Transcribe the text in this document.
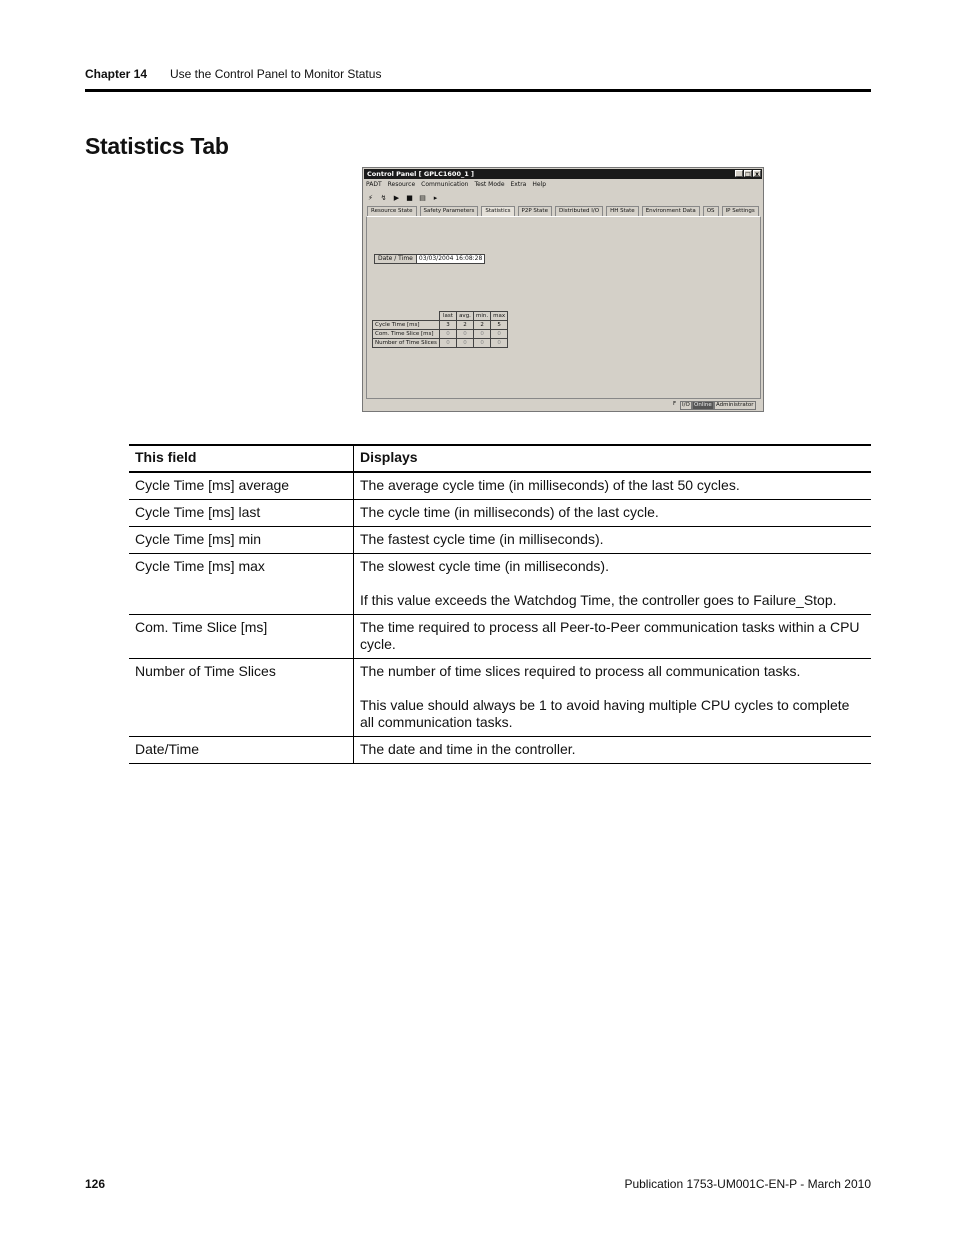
Chapter 14 Use the Control Panel to Monitor Status
Statistics Tab
Control Panel [ GPLC1600_1 ]	_ □ x
PADT Resource Communication Test Mode Extra Help
⚡ ↯ ▶ ■ ▤	▸
Resource State	Safety Parameters	Statistics	P2P State	Distributed I/O	HH State	Environment Data	OS	IP Settings
Date / Time	03/03/2004 16:08:28
	last	avg.	min.	max
Cycle Time [ms]	3	2	2	5
Com. Time Slice [ms]	0	0	0	0
Number of Time Slices	0	0	0	0
F	I/O Online Administrator
This field	Displays
Cycle Time [ms] average	The average cycle time (in milliseconds) of the last 50 cycles.

Cycle Time [ms] last	The cycle time (in milliseconds) of the last cycle.

Cycle Time [ms] min	The fastest cycle time (in milliseconds).

Cycle Time [ms] max	The slowest cycle time (in milliseconds).

If this value exceeds the Watchdog Time, the controller goes to Failure_Stop.

Com. Time Slice [ms]	The time required to process all Peer-to-Peer communication tasks within a CPU cycle.

Number of Time Slices	The number of time slices required to process all communication tasks.

This value should always be 1 to avoid having multiple CPU cycles to complete all communication tasks.

Date/Time	The date and time in the controller.

126	Publication 1753-UM001C-EN-P - March 2010
